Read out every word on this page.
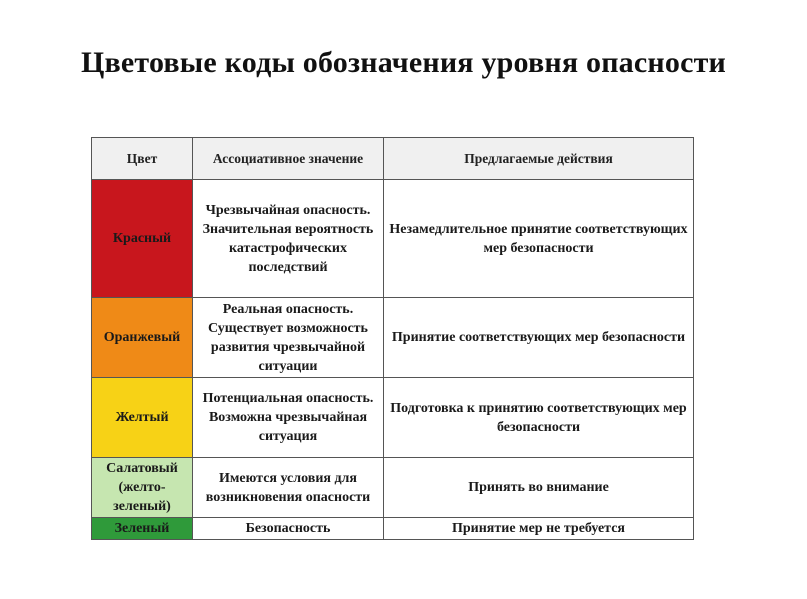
Цветовые коды обозначения уровня опасности
Цвет	Ассоциативное значение	Предлагаемые действия
Красный	Чрезвычайная опасность. Значительная вероятность катастрофических последствий	Незамедлительное принятие соответствующих мер безопасности
Оранжевый	Реальная опасность. Существует возможность развития чрезвычайной ситуации	Принятие соответствующих мер безопасности
Желтый	Потенциальная опасность. Возможна чрезвычайная ситуация	Подготовка к принятию соответствующих мер безопасности
Салатовый (желто-зеленый)	Имеются условия для возникновения опасности	Принять во внимание
Зеленый	Безопасность	Принятие мер не требуется
